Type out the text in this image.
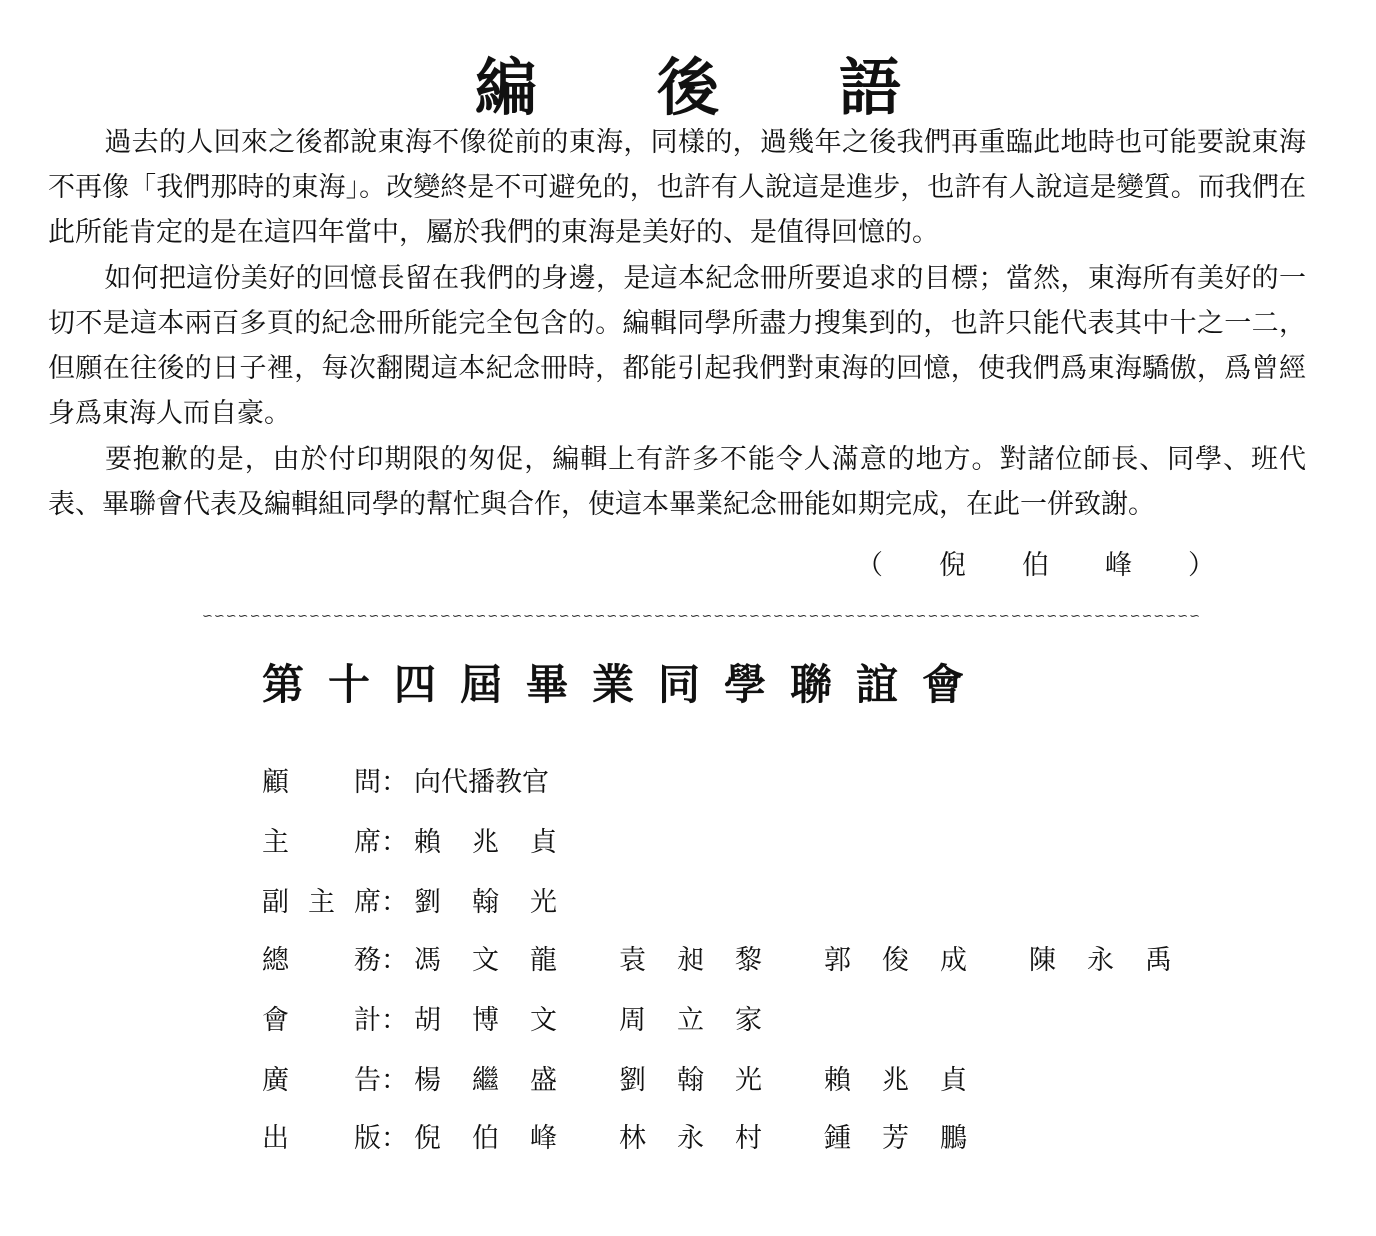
編 後 語
過去的人回來之後都說東海不像從前的東海，同樣的，過幾年之後我們再重臨此地時也可能要說東海不再像「我們那時的東海」。改變終是不可避免的，也許有人說這是進步，也許有人說這是變質。而我們在此所能肯定的是在這四年當中，屬於我們的東海是美好的、是值得回憶的。
如何把這份美好的回憶長留在我們的身邊，是這本紀念冊所要追求的目標；當然，東海所有美好的一切不是這本兩百多頁的紀念冊所能完全包含的。編輯同學所盡力搜集到的，也許只能代表其中十之一二，但願在往後的日子裡，每次翻閱這本紀念冊時，都能引起我們對東海的回憶，使我們爲東海驕傲，爲曾經身爲東海人而自豪。
要抱歉的是，由於付印期限的匆促，編輯上有許多不能令人滿意的地方。對諸位師長、同學、班代表、畢聯會代表及編輯組同學的幫忙與合作，使這本畢業紀念冊能如期完成，在此一併致謝。
（ 倪 伯 峰 ）
∽∽∽∽∽∽∽∽∽∽∽∽∽∽∽∽∽∽∽∽∽∽∽∽∽∽∽∽∽∽∽∽∽∽∽∽∽∽∽∽∽∽∽∽∽∽∽∽∽∽∽∽∽∽∽∽∽∽∽∽∽∽∽∽∽∽∽∽∽∽∽∽∽∽∽∽∽∽∽∽∽∽∽∽
第 十 四 屆 畢 業 同 學 聯 誼 會
顧 問： 向代播教官
主 席： 賴 兆 貞
副 主 席： 劉 翰 光
總 務： 馮 文 龍 袁 昶 黎 郭 俊 成 陳 永 禹
會 計： 胡 博 文 周 立 家
廣 告： 楊 繼 盛 劉 翰 光 賴 兆 貞
出 版： 倪 伯 峰 林 永 村 鍾 芳 鵬
